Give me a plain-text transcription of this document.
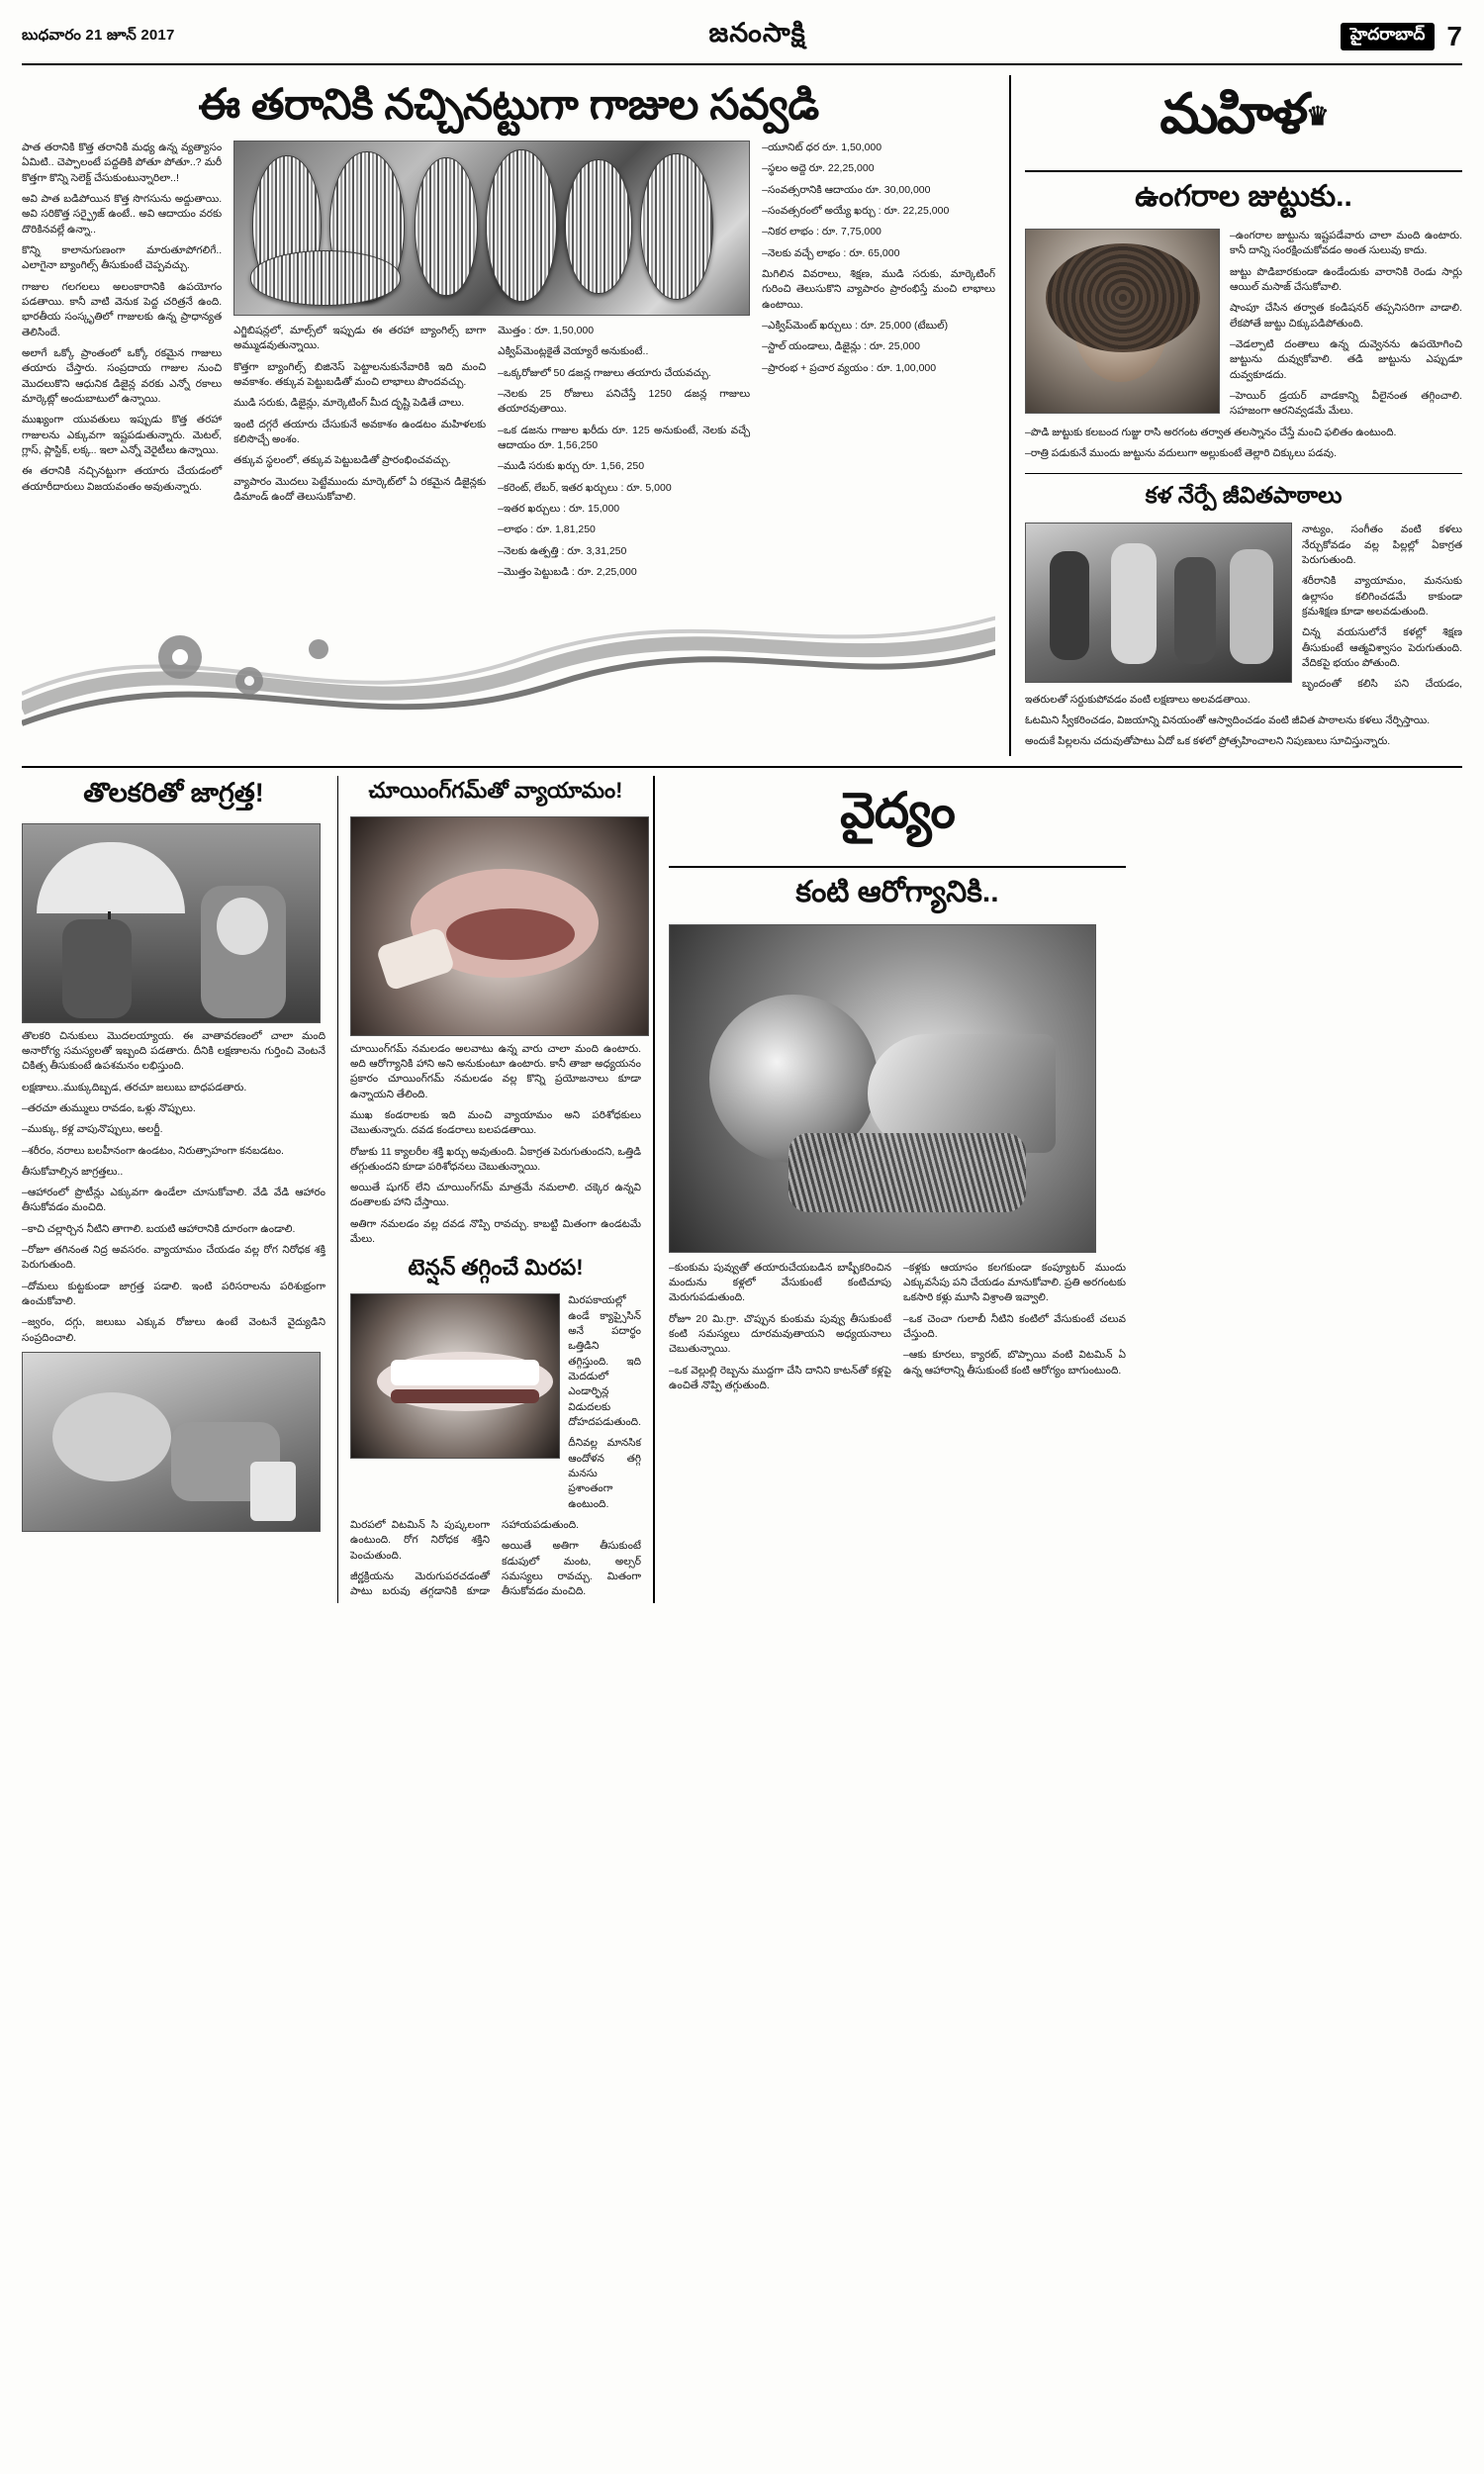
బుధవారం 21 జూన్ 2017	జనంసాక్షి	హైదరాబాద్ 7
ఈ తరానికి నచ్చినట్టుగా గాజుల సవ్వడి

పాత తరానికి కొత్త తరానికి మధ్య ఉన్న వ్యత్యాసం ఏమిటి.. చెప్పాలంటే పద్దతికి పోతూ పోతూ..? మరీ కొత్తగా కొన్ని సెలెక్ట్ చేసుకుంటున్నారిలా..!

అవి పాత బడిపోయిన కొత్త సొగసును అద్దుతాయి. అవి సరికొత్త సర్ఫ్రైజ్ ఉంటే.. అవి ఆదాయం వరకు దొరికినవల్లే ఉన్నా..

కొన్ని కాలానుగుణంగా మారుతూపోగలిగే.. ఎలాగైనా బ్యాంగిల్స్ తీసుకుంటే చెప్పవచ్చు.

గాజుల గలగలలు అలంకారానికి ఉపయోగం పడతాయి. కానీ వాటి వెనుక పెద్ద చరిత్రనే ఉంది. భారతీయ సంస్కృతిలో గాజులకు ఉన్న ప్రాధాన్యత తెలిసిందే.

అలాగే ఒక్కో ప్రాంతంలో ఒక్కో రకమైన గాజులు తయారు చేస్తారు. సంప్రదాయ గాజుల నుంచి మొదలుకొని ఆధునిక డిజైన్ల వరకు ఎన్నో రకాలు మార్కెట్లో అందుబాటులో ఉన్నాయి.

ముఖ్యంగా యువతులు ఇప్పుడు కొత్త తరహా గాజులను ఎక్కువగా ఇష్టపడుతున్నారు. మెటల్, గ్లాస్, ప్లాస్టిక్, లక్క.. ఇలా ఎన్నో వెరైటీలు ఉన్నాయి.

ఈ తరానికి నచ్చినట్టుగా తయారు చేయడంలో తయారీదారులు విజయవంతం అవుతున్నారు.

ఎగ్జిబిషన్లలో, మాల్స్‌లో ఇప్పుడు ఈ తరహా బ్యాంగిల్స్ బాగా అమ్ముడవుతున్నాయి.

కొత్తగా బ్యాంగిల్స్ బిజినెస్ పెట్టాలనుకునేవారికి ఇది మంచి అవకాశం. తక్కువ పెట్టుబడితో మంచి లాభాలు పొందవచ్చు.

ముడి సరుకు, డిజైన్లు, మార్కెటింగ్ మీద దృష్టి పెడితే చాలు.

ఇంటి దగ్గరే తయారు చేసుకునే అవకాశం ఉండటం మహిళలకు కలిసొచ్చే అంశం.

తక్కువ స్థలంలో, తక్కువ పెట్టుబడితో ప్రారంభించవచ్చు.

వ్యాపారం మొదలు పెట్టేముందు మార్కెట్‌లో ఏ రకమైన డిజైన్లకు డిమాండ్ ఉందో తెలుసుకోవాలి.

మొత్తం : రూ. 1,50,000

ఎక్విప్‌మెంట్లకైతే వెయ్యారే అనుకుంటే..

–ఒక్కరోజులో 50 డజన్ల గాజులు తయారు చేయవచ్చు.

–నెలకు 25 రోజులు పనిచేస్తే 1250 డజన్ల గాజులు తయారవుతాయి.

–ఒక డజను గాజుల ఖరీదు రూ. 125 అనుకుంటే, నెలకు వచ్చే ఆదాయం రూ. 1,56,250

–ముడి సరుకు ఖర్చు రూ. 1,56, 250

–కరెంట్, లేబర్, ఇతర ఖర్చులు : రూ. 5,000

–ఇతర ఖర్చులు : రూ. 15,000

–లాభం : రూ. 1,81,250

–నెలకు ఉత్పత్తి : రూ. 3,31,250

–మొత్తం పెట్టుబడి : రూ. 2,25,000

–యూనిట్ ధర రూ. 1,50,000

–స్థలం అద్దె రూ. 22,25,000

–సంవత్సరానికి ఆదాయం రూ. 30,00,000

–సంవత్సరంలో అయ్యే ఖర్చు : రూ. 22,25,000

–నికర లాభం : రూ. 7,75,000

–నెలకు వచ్చే లాభం : రూ. 65,000

మిగిలిన వివరాలు, శిక్షణ, ముడి సరుకు, మార్కెటింగ్ గురించి తెలుసుకొని వ్యాపారం ప్రారంభిస్తే మంచి లాభాలు ఉంటాయి.

–ఎక్విప్‌మెంట్ ఖర్చులు : రూ. 25,000 (టేబుల్)

–స్టాల్ యండాలు, డిజైన్లు : రూ. 25,000

–ప్రారంభ + ప్రచార వ్యయం : రూ. 1,00,000

మహిళ♛
ఉంగరాల జుట్టుకు..

–ఉంగరాల జుట్టును ఇష్టపడేవారు చాలా మంది ఉంటారు. కానీ దాన్ని సంరక్షించుకోవడం అంత సులువు కాదు.

జుట్టు పొడిబారకుండా ఉండేందుకు వారానికి రెండు సార్లు ఆయిల్ మసాజ్ చేసుకోవాలి.

షాంపూ చేసిన తర్వాత కండిషనర్ తప్పనిసరిగా వాడాలి. లేకపోతే జుట్టు చిక్కుపడిపోతుంది.

–వెడల్పాటి దంతాలు ఉన్న దువ్వెనను ఉపయోగించి జుట్టును దువ్వుకోవాలి. తడి జుట్టును ఎప్పుడూ దువ్వకూడదు.

–హెయిర్ డ్రయర్ వాడకాన్ని వీలైనంత తగ్గించాలి. సహజంగా ఆరనివ్వడమే మేలు.

–పొడి జుట్టుకు కలబంద గుజ్జు రాసి అరగంట తర్వాత తలస్నానం చేస్తే మంచి ఫలితం ఉంటుంది.

–రాత్రి పడుకునే ముందు జుట్టును వదులుగా అల్లుకుంటే తెల్లారి చిక్కులు పడవు.

కళ నేర్పే జీవితపాఠాలు

నాట్యం, సంగీతం వంటి కళలు నేర్చుకోవడం వల్ల పిల్లల్లో ఏకాగ్రత పెరుగుతుంది.

శరీరానికి వ్యాయామం, మనసుకు ఉల్లాసం కలిగించడమే కాకుండా క్రమశిక్షణ కూడా అలవడుతుంది.

చిన్న వయసులోనే కళల్లో శిక్షణ తీసుకుంటే ఆత్మవిశ్వాసం పెరుగుతుంది. వేదికపై భయం పోతుంది.

బృందంతో కలిసి పని చేయడం, ఇతరులతో సర్దుకుపోవడం వంటి లక్షణాలు అలవడతాయి.

ఓటమిని స్వీకరించడం, విజయాన్ని వినయంతో ఆస్వాదించడం వంటి జీవిత పాఠాలను కళలు నేర్పిస్తాయి.

అందుకే పిల్లలను చదువుతోపాటు ఏదో ఒక కళలో ప్రోత్సహించాలని నిపుణులు సూచిస్తున్నారు.

తొలకరితో జాగ్రత్త!

తొలకరి చినుకులు మొదలయ్యాయ. ఈ వాతావరణంలో చాలా మంది అనారోగ్య సమస్యలతో ఇబ్బంది పడతారు. దీనికి లక్షణాలను గుర్తించి వెంటనే చికిత్స తీసుకుంటే ఉపశమనం లభిస్తుంది.

లక్షణాలు..ముక్కుదిబ్బడ, తరచూ జలుబు బాధపడతారు.

–తరచూ తుమ్ములు రావడం, ఒళ్లు నొప్పులు.

–ముక్కు, కళ్ల వాపునొప్పులు, అలర్జీ.

–శరీరం, నరాలు బలహీనంగా ఉండటం, నిరుత్సాహంగా కనబడటం.

తీసుకోవాల్సిన జాగ్రత్తలు..

–ఆహారంలో ప్రొటీన్లు ఎక్కువగా ఉండేలా చూసుకోవాలి. వేడి వేడి ఆహారం తీసుకోవడం మంచిది.

–కాచి చల్లార్చిన నీటిని తాగాలి. బయటి ఆహారానికి దూరంగా ఉండాలి.

–రోజూ తగినంత నిద్ర అవసరం. వ్యాయామం చేయడం వల్ల రోగ నిరోధక శక్తి పెరుగుతుంది.

–దోమలు కుట్టకుండా జాగ్రత్త పడాలి. ఇంటి పరిసరాలను పరిశుభ్రంగా ఉంచుకోవాలి.

–జ్వరం, దగ్గు, జలుబు ఎక్కువ రోజులు ఉంటే వెంటనే వైద్యుడిని సంప్రదించాలి.

చూయింగ్‌గమ్‌తో వ్యాయామం!

చూయింగ్‌గమ్ నమలడం అలవాటు ఉన్న వారు చాలా మంది ఉంటారు. అది ఆరోగ్యానికి హాని అని అనుకుంటూ ఉంటారు. కానీ తాజా అధ్యయనం ప్రకారం చూయింగ్‌గమ్ నమలడం వల్ల కొన్ని ప్రయోజనాలు కూడా ఉన్నాయని తేలింది.

ముఖ కండరాలకు ఇది మంచి వ్యాయామం అని పరిశోధకులు చెబుతున్నారు. దవడ కండరాలు బలపడతాయి.

రోజుకు 11 క్యాలరీల శక్తి ఖర్చు అవుతుంది. ఏకాగ్రత పెరుగుతుందని, ఒత్తిడి తగ్గుతుందని కూడా పరిశోధనలు చెబుతున్నాయి.

అయితే షుగర్ లేని చూయింగ్‌గమ్ మాత్రమే నమలాలి. చక్కెర ఉన్నవి దంతాలకు హాని చేస్తాయి.

అతిగా నమలడం వల్ల దవడ నొప్పి రావచ్చు. కాబట్టి మితంగా ఉండటమే మేలు.

టెన్షన్ తగ్గించే మిరప!

మిరపకాయల్లో ఉండే క్యాప్సైసిన్ అనే పదార్థం ఒత్తిడిని తగ్గిస్తుంది. ఇది మెదడులో ఎండార్ఫిన్ల విడుదలకు దోహదపడుతుంది.

దీనివల్ల మానసిక ఆందోళన తగ్గి మనసు ప్రశాంతంగా ఉంటుంది.

మిరపలో విటమిన్ సి పుష్కలంగా ఉంటుంది. రోగ నిరోధక శక్తిని పెంచుతుంది.

జీర్ణక్రియను మెరుగుపరచడంతో పాటు బరువు తగ్గడానికి కూడా సహాయపడుతుంది.

అయితే అతిగా తీసుకుంటే కడుపులో మంట, అల్సర్ సమస్యలు రావచ్చు. మితంగా తీసుకోవడం మంచిది.

వైద్యం
కంటి ఆరోగ్యానికి..

–కుంకుమ పువ్వుతో తయారుచేయబడిన బాష్పీకరించిన మందును కళ్లలో వేసుకుంటే కంటిచూపు మెరుగుపడుతుంది.

రోజూ 20 మి.గ్రా. చొప్పున కుంకుమ పువ్వు తీసుకుంటే కంటి సమస్యలు దూరమవుతాయని అధ్యయనాలు చెబుతున్నాయి.

–ఒక వెల్లుల్లి రెబ్బను ముద్దగా చేసి దానిని కాటన్‌తో కళ్లపై ఉంచితే నొప్పి తగ్గుతుంది.

–కళ్లకు ఆయాసం కలగకుండా కంప్యూటర్ ముందు ఎక్కువసేపు పని చేయడం మానుకోవాలి. ప్రతి అరగంటకు ఒకసారి కళ్లు మూసి విశ్రాంతి ఇవ్వాలి.

–ఒక చెంచా గులాబీ నీటిని కంటిలో వేసుకుంటే చలువ చేస్తుంది.

–ఆకు కూరలు, క్యారట్, బొప్పాయి వంటి విటమిన్ ఏ ఉన్న ఆహారాన్ని తీసుకుంటే కంటి ఆరోగ్యం బాగుంటుంది.
